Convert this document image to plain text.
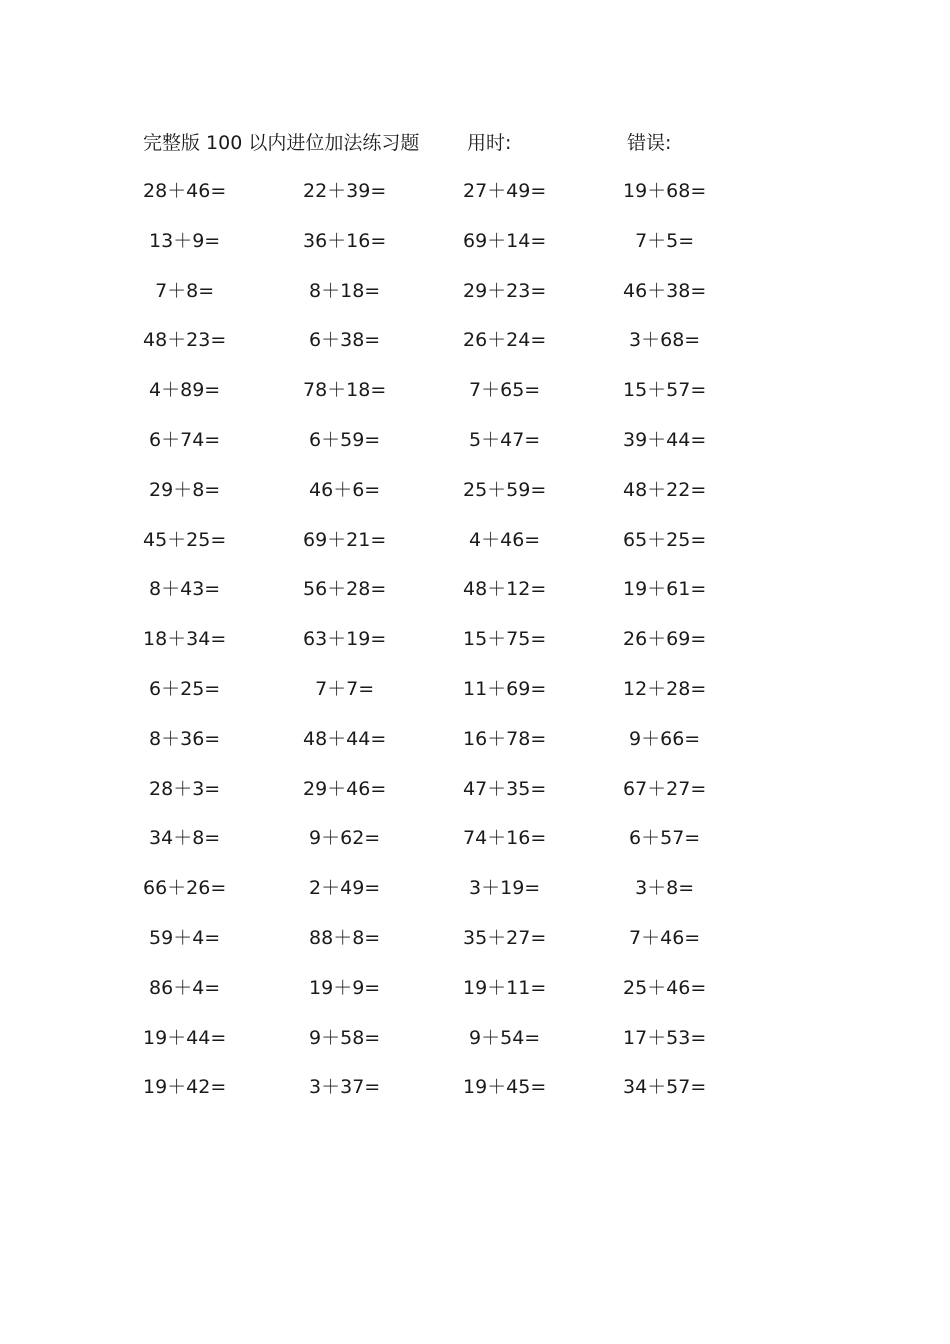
完整版 100 以内进位加法练习题	用时:	错误:
28＋46=	22＋39=	27＋49=	19＋68=
13＋9=	36＋16=	69＋14=	7＋5=
7＋8=	8＋18=	29＋23=	46＋38=
48＋23=	6＋38=	26＋24=	3＋68=
4＋89=	78＋18=	7＋65=	15＋57=
6＋74=	6＋59=	5＋47=	39＋44=
29＋8=	46＋6=	25＋59=	48＋22=
45＋25=	69＋21=	4＋46=	65＋25=
8＋43=	56＋28=	48＋12=	19＋61=
18＋34=	63＋19=	15＋75=	26＋69=
6＋25=	7＋7=	11＋69=	12＋28=
8＋36=	48＋44=	16＋78=	9＋66=
28＋3=	29＋46=	47＋35=	67＋27=
34＋8=	9＋62=	74＋16=	6＋57=
66＋26=	2＋49=	3＋19=	3＋8=
59＋4=	88＋8=	35＋27=	7＋46=
86＋4=	19＋9=	19＋11=	25＋46=
19＋44=	9＋58=	9＋54=	17＋53=
19＋42=	3＋37=	19＋45=	34＋57=
